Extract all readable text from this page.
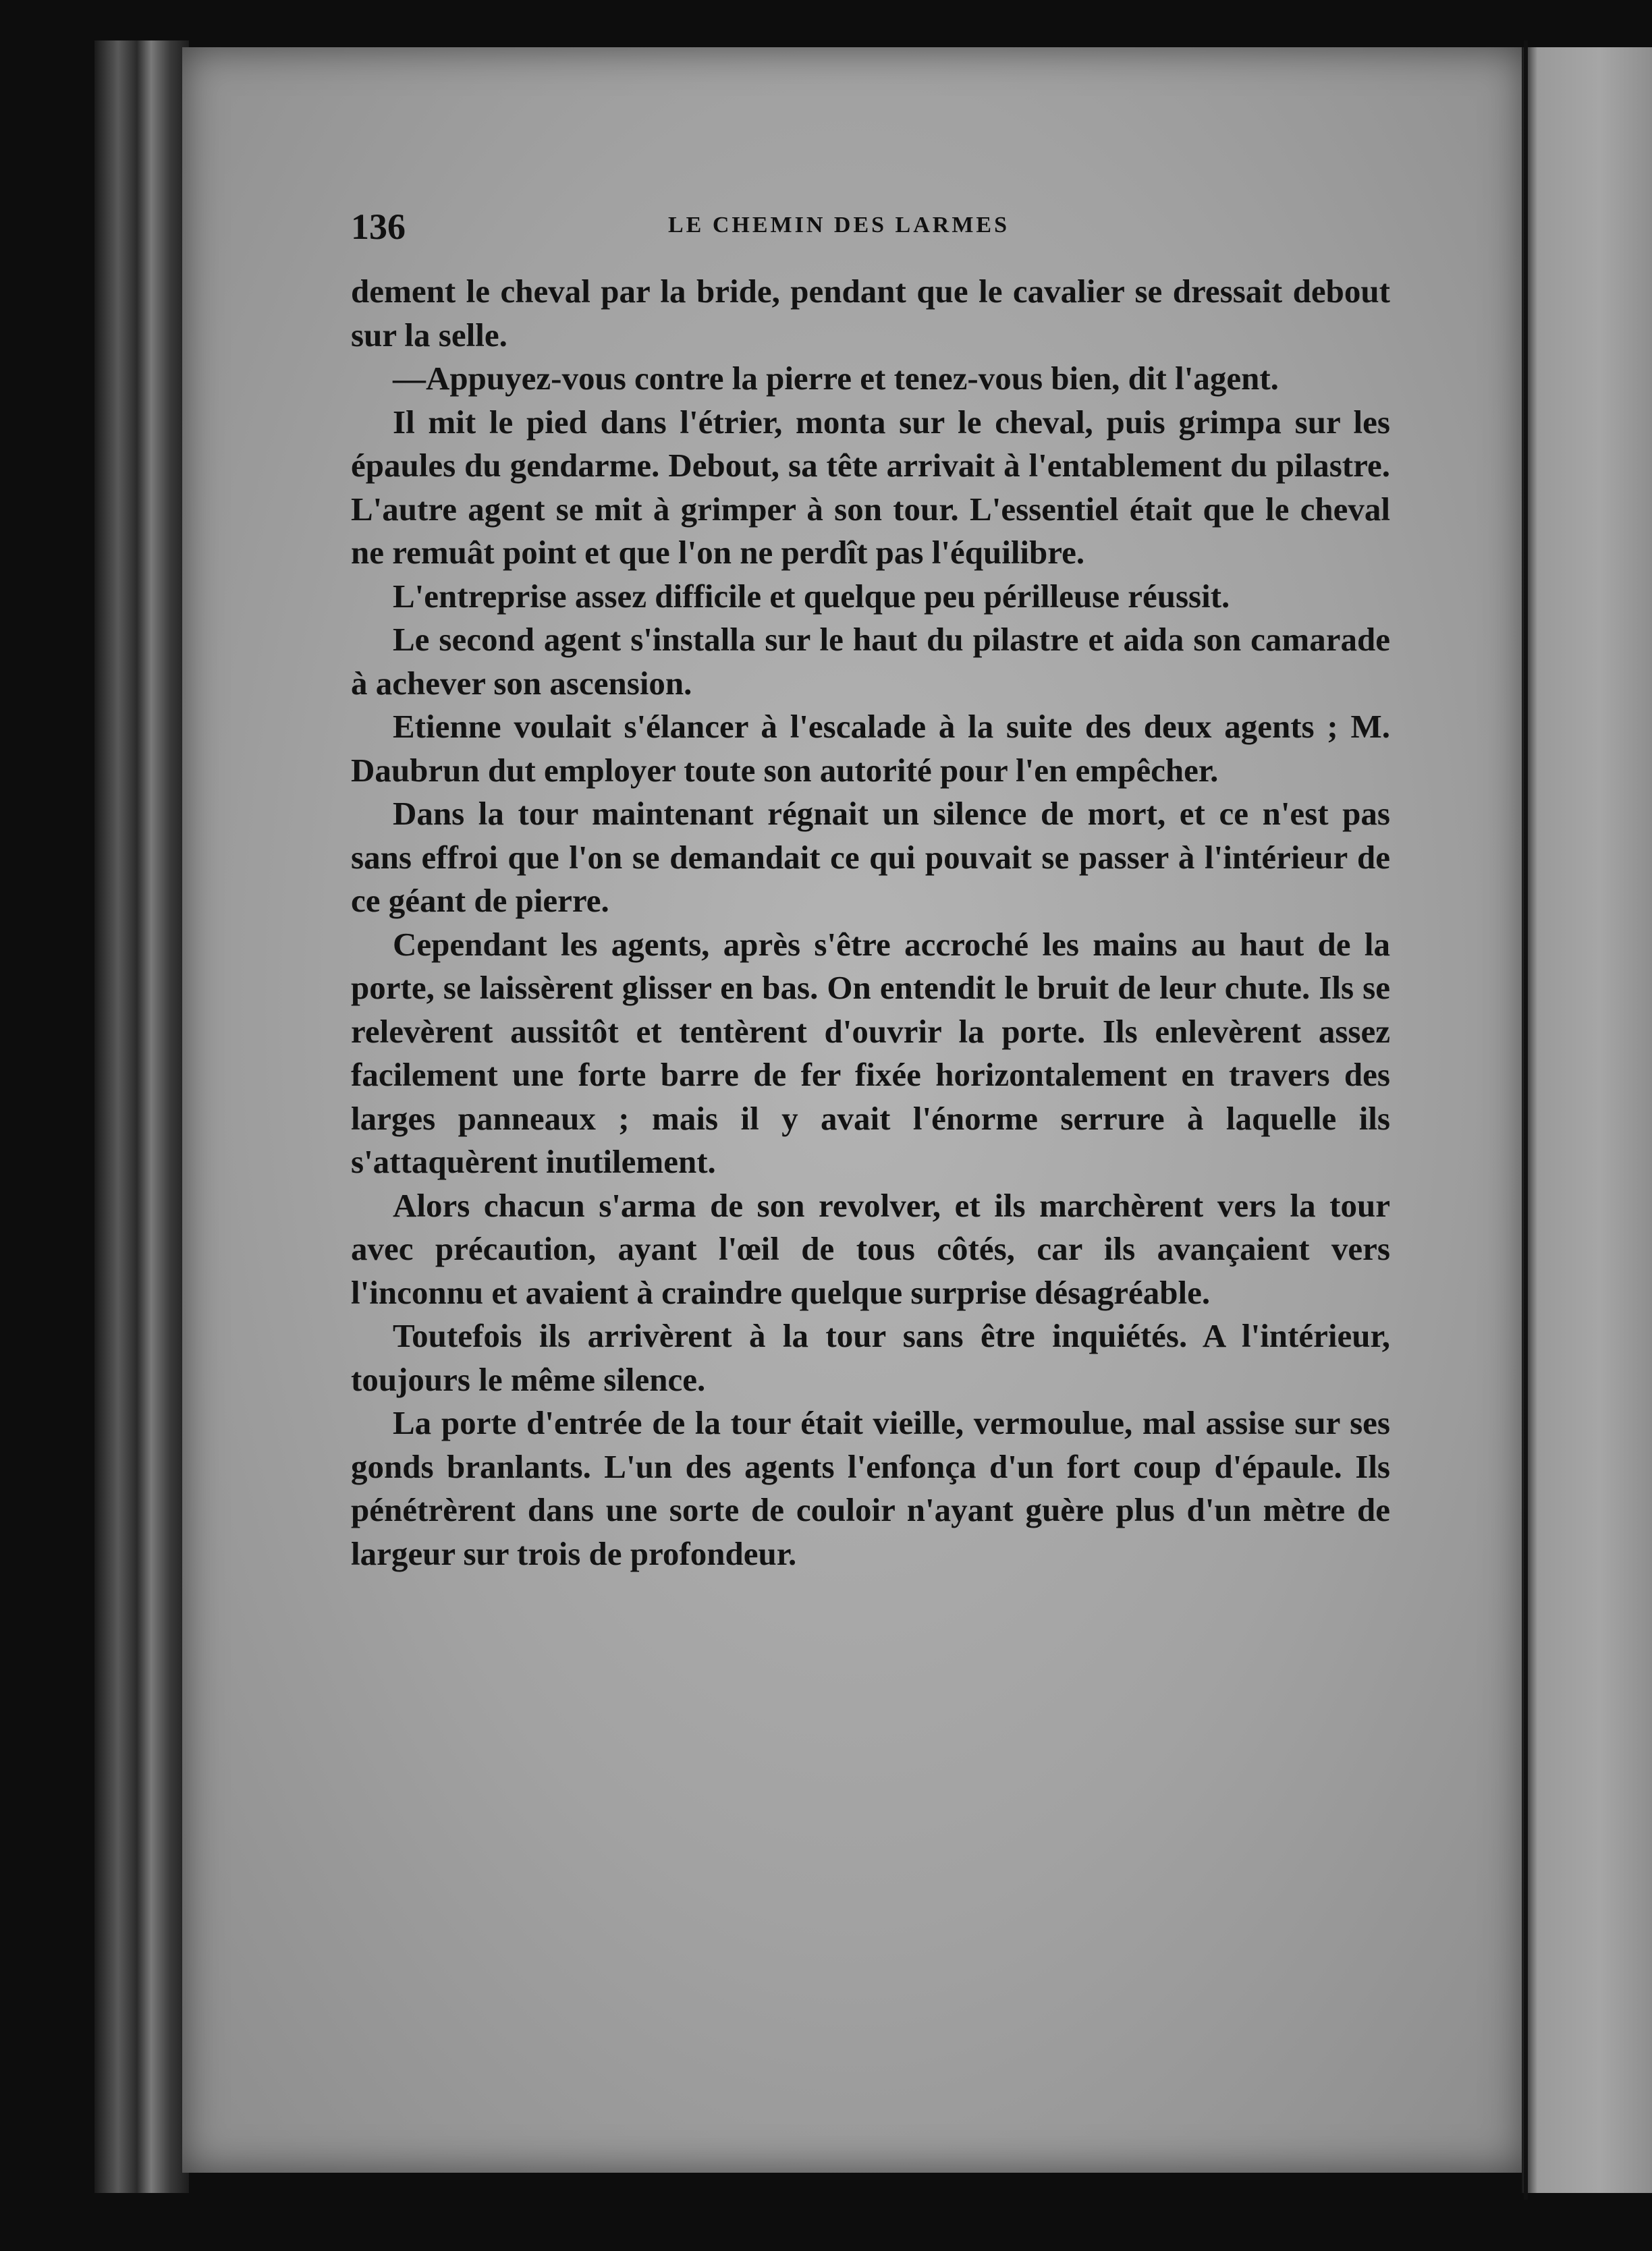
136	LE CHEMIN DES LARMES

dement le cheval par la bride, pendant que le cavalier se dressait debout sur la selle.

—Appuyez-vous contre la pierre et tenez-vous bien, dit l'agent.

Il mit le pied dans l'étrier, monta sur le cheval, puis grimpa sur les épaules du gendarme. Debout, sa tête arrivait à l'entablement du pilastre. L'autre agent se mit à grimper à son tour. L'essentiel était que le cheval ne remuât point et que l'on ne perdît pas l'équilibre.

L'entreprise assez difficile et quelque peu périlleuse réussit.

Le second agent s'installa sur le haut du pilastre et aida son camarade à achever son ascension.

Etienne voulait s'élancer à l'escalade à la suite des deux agents ; M. Daubrun dut employer toute son autorité pour l'en empêcher.

Dans la tour maintenant régnait un silence de mort, et ce n'est pas sans effroi que l'on se demandait ce qui pouvait se passer à l'intérieur de ce géant de pierre.

Cependant les agents, après s'être accroché les mains au haut de la porte, se laissèrent glisser en bas. On entendit le bruit de leur chute. Ils se relevèrent aussitôt et tentèrent d'ouvrir la porte. Ils enlevèrent assez facilement une forte barre de fer fixée horizontalement en travers des larges panneaux ; mais il y avait l'énorme serrure à laquelle ils s'attaquèrent inutilement.

Alors chacun s'arma de son revolver, et ils marchèrent vers la tour avec précaution, ayant l'œil de tous côtés, car ils avançaient vers l'inconnu et avaient à craindre quelque surprise désagréable.

Toutefois ils arrivèrent à la tour sans être inquiétés. A l'intérieur, toujours le même silence.

La porte d'entrée de la tour était vieille, vermoulue, mal assise sur ses gonds branlants. L'un des agents l'enfonça d'un fort coup d'épaule. Ils pénétrèrent dans une sorte de couloir n'ayant guère plus d'un mètre de largeur sur trois de profondeur.
